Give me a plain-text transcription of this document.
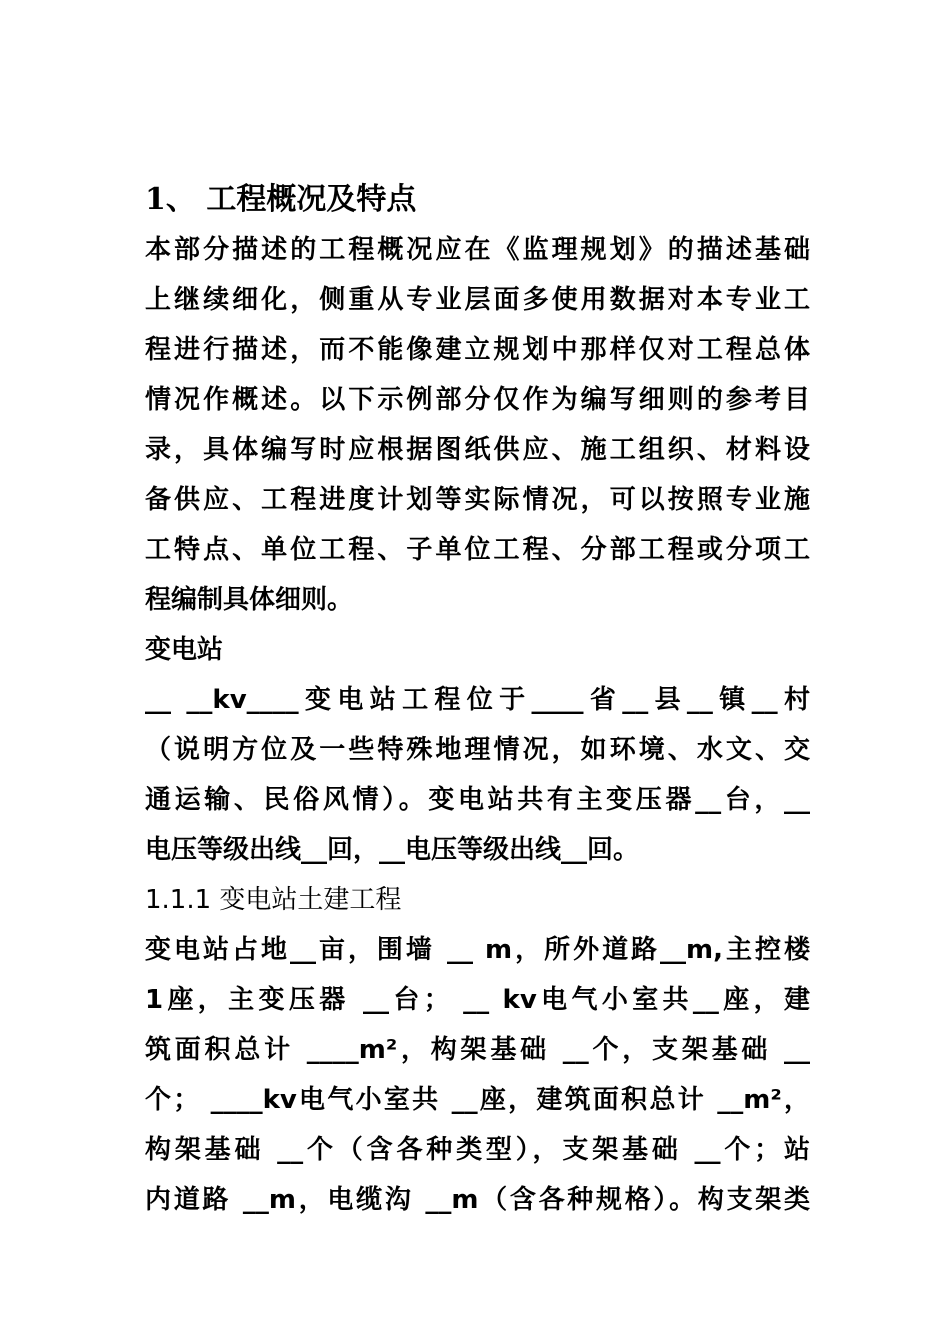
1、 工程概况及特点
本部分描述的工程概况应在《监理规划》的描述基础
上继续细化，侧重从专业层面多使用数据对本专业工
程进行描述，而不能像建立规划中那样仅对工程总体
情况作概述。以下示例部分仅作为编写细则的参考目
录，具体编写时应根据图纸供应、施工组织、材料设
备供应、工程进度计划等实际情况，可以按照专业施
工特点、单位工程、子单位工程、分部工程或分项工
程编制具体细则。
变电站
__ __kv____变电站工程位于____省__县__镇__村
（说明方位及一些特殊地理情况，如环境、水文、交
通运输、民俗风情）。变电站共有主变压器__台，__
电压等级出线__回，__电压等级出线__回。
1.1.1 变电站土建工程
变电站占地__亩，围墙 __ m，所外道路__m,主控楼
1座，主变压器 __台； __ kv电气小室共__座，建
筑面积总计 ____m²，构架基础 __个，支架基础 __
个； ____kv电气小室共 __座，建筑面积总计 __m²，
构架基础 __个（含各种类型），支架基础 __个；站
内道路 __m，电缆沟 __m（含各种规格）。构支架类
